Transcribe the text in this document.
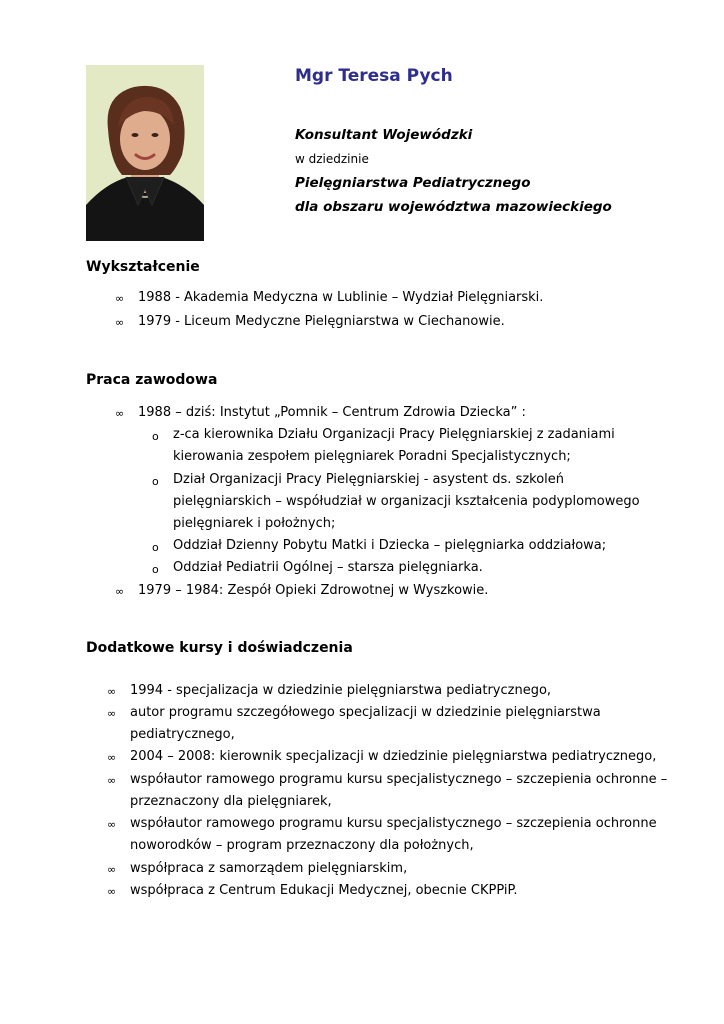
Mgr Teresa Pych
Konsultant Wojewódzki
w dziedzinie
Pielęgniarstwa Pediatrycznego
dla obszaru województwa mazowieckiego
Wykształcenie
∞ 1988 - Akademia Medyczna w Lublinie – Wydział Pielęgniarski.
∞ 1979 - Liceum Medyczne Pielęgniarstwa w Ciechanowie.
Praca zawodowa
∞ 1988 – dziś: Instytut „Pomnik – Centrum Zdrowia Dziecka” :
o z-ca kierownika Działu Organizacji Pracy Pielęgniarskiej z zadaniami
kierowania zespołem pielęgniarek Poradni Specjalistycznych;
o Dział Organizacji Pracy Pielęgniarskiej - asystent ds. szkoleń
pielęgniarskich – współudział w organizacji kształcenia podyplomowego
pielęgniarek i położnych;
o Oddział Dzienny Pobytu Matki i Dziecka – pielęgniarka oddziałowa;
o Oddział Pediatrii Ogólnej – starsza pielęgniarka.
∞ 1979 – 1984: Zespół Opieki Zdrowotnej w Wyszkowie.
Dodatkowe kursy i doświadczenia
∞ 1994 - specjalizacja w dziedzinie pielęgniarstwa pediatrycznego,
∞ autor programu szczegółowego specjalizacji w dziedzinie pielęgniarstwa
pediatrycznego,
∞ 2004 – 2008: kierownik specjalizacji w dziedzinie pielęgniarstwa pediatrycznego,
∞ współautor ramowego programu kursu specjalistycznego – szczepienia ochronne –
przeznaczony dla pielęgniarek,
∞ współautor ramowego programu kursu specjalistycznego – szczepienia ochronne
noworodków – program przeznaczony dla położnych,
∞ współpraca z samorządem pielęgniarskim,
∞ współpraca z Centrum Edukacji Medycznej, obecnie CKPPiP.
